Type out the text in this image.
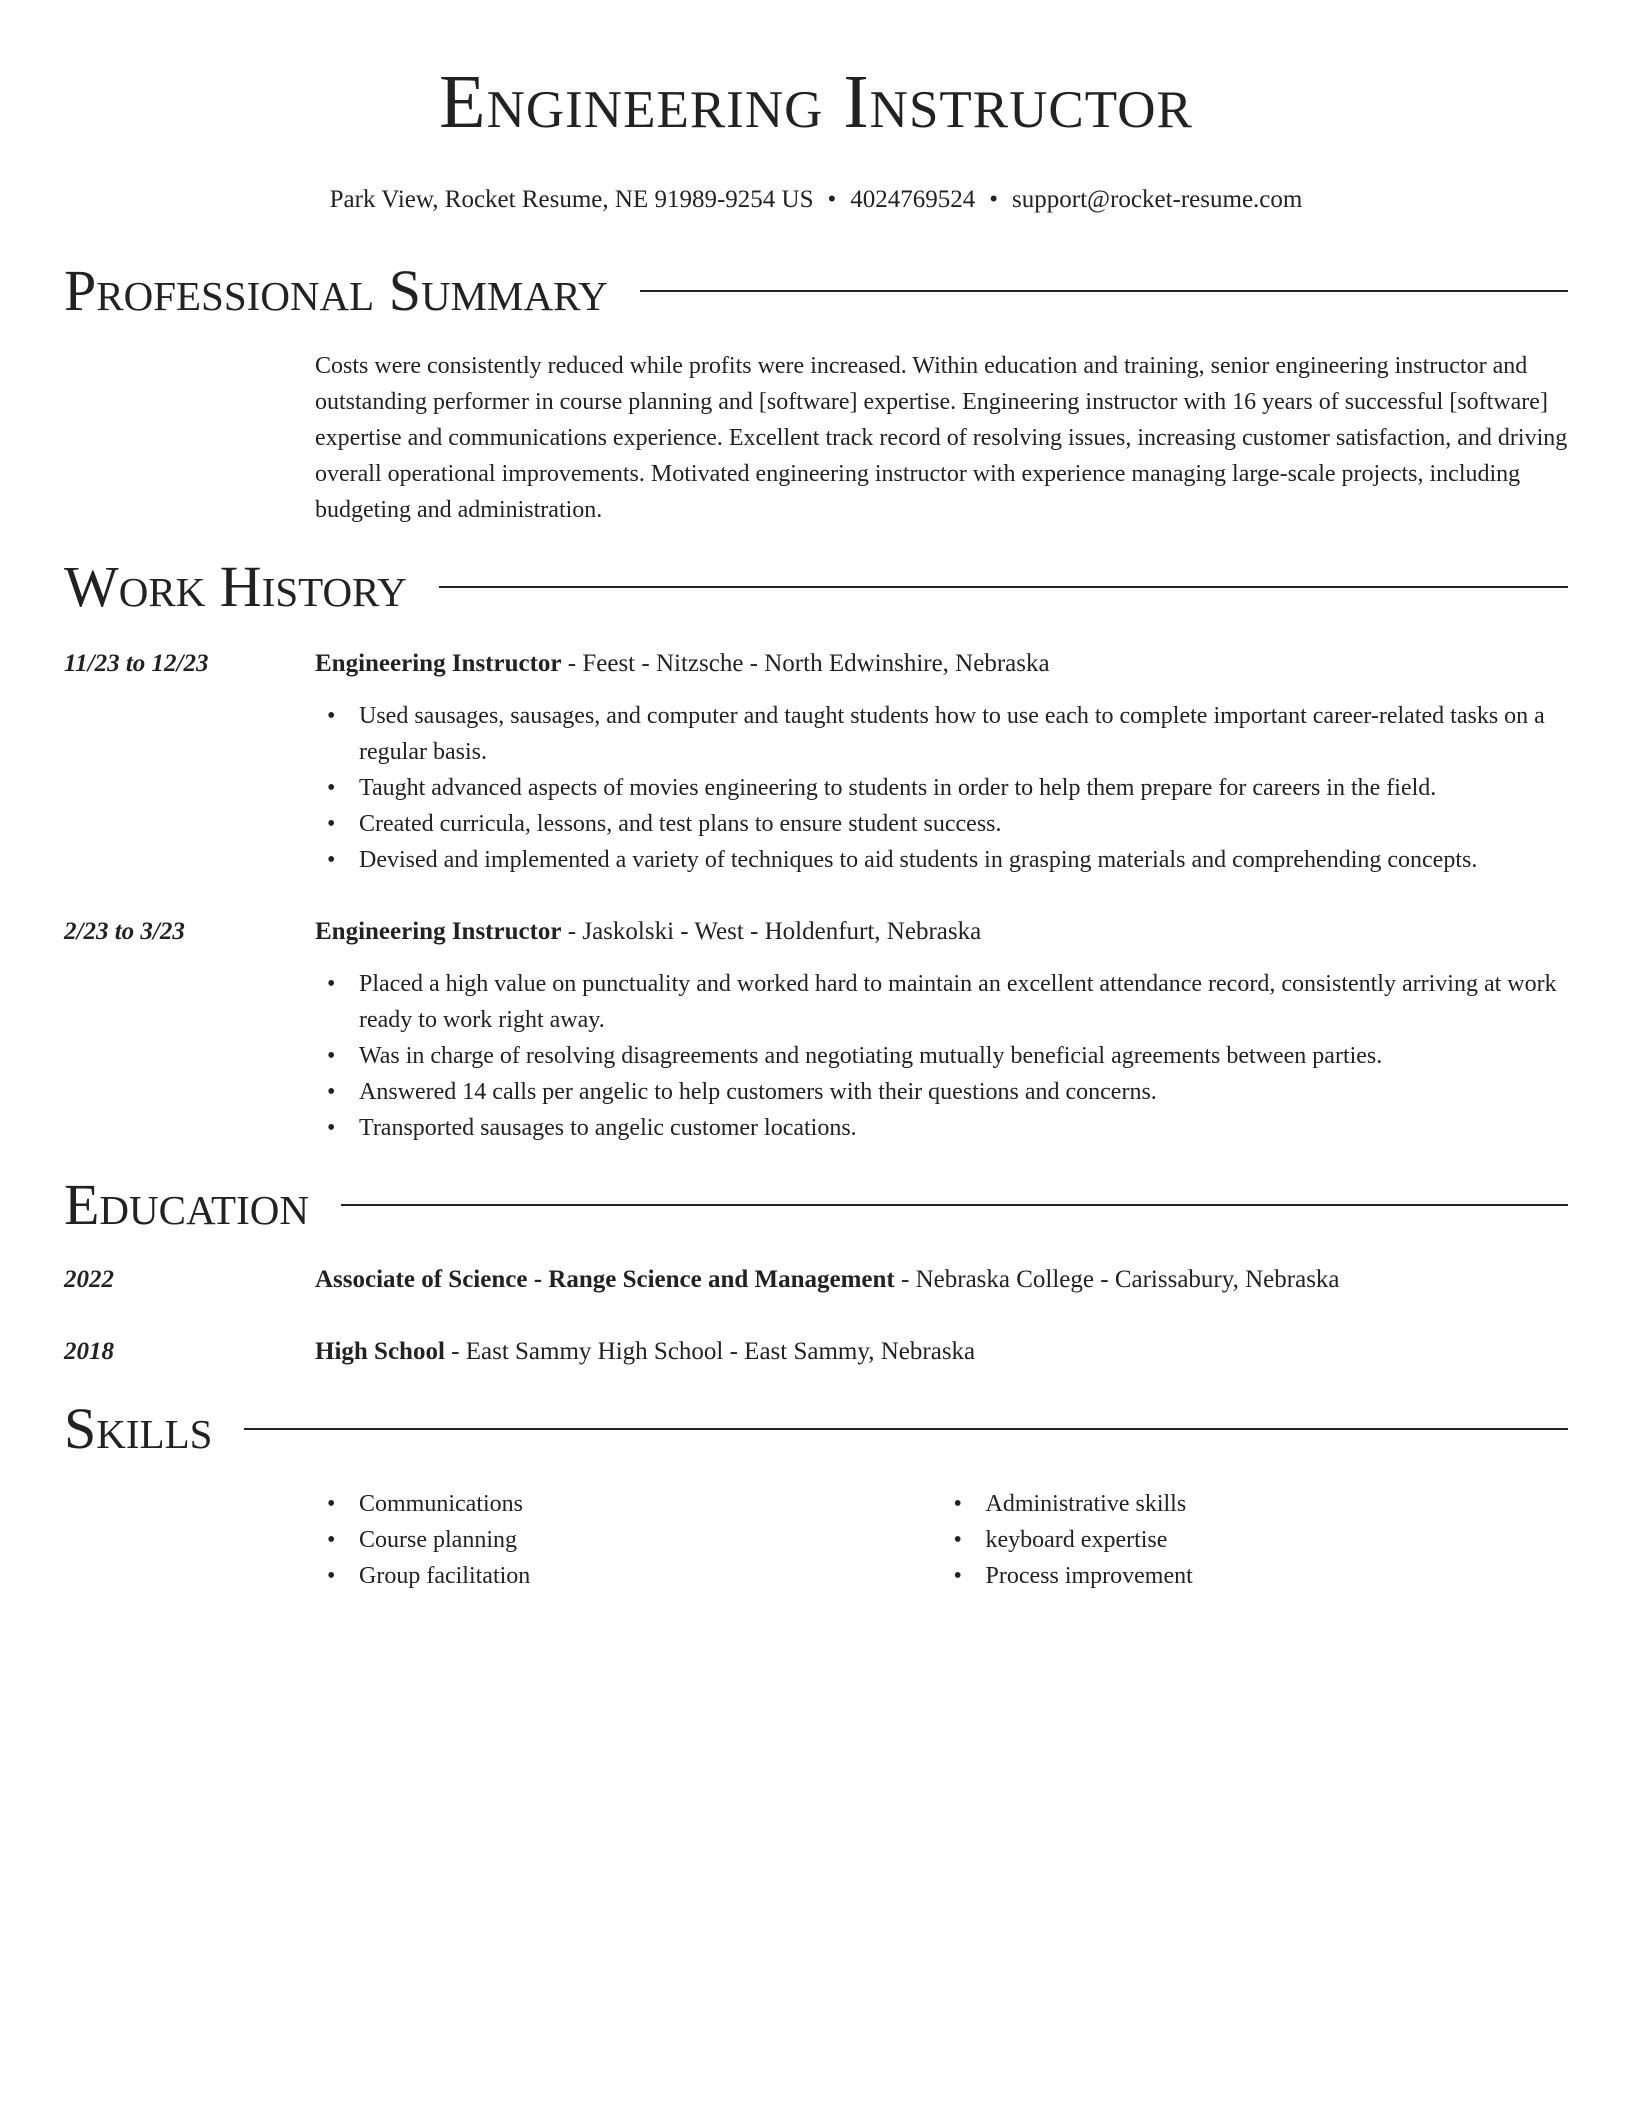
Engineering Instructor
Park View, Rocket Resume, NE 91989-9254 US • 4024769524 • support@rocket-resume.com
Professional Summary

Costs were consistently reduced while profits were increased. Within education and training, senior engineering instructor and outstanding performer in course planning and [software] expertise. Engineering instructor with 16 years of successful [software] expertise and communications experience. Excellent track record of resolving issues, increasing customer satisfaction, and driving overall operational improvements. Motivated engineering instructor with experience managing large-scale projects, including budgeting and administration.

Work History
11/23 to 12/23	Engineering Instructor - Feest - Nitzsche - North Edwinshire, Nebraska
• Used sausages, sausages, and computer and taught students how to use each to complete important career-related tasks on a regular basis.
• Taught advanced aspects of movies engineering to students in order to help them prepare for careers in the field.
• Created curricula, lessons, and test plans to ensure student success.
• Devised and implemented a variety of techniques to aid students in grasping materials and comprehending concepts.
2/23 to 3/23	Engineering Instructor - Jaskolski - West - Holdenfurt, Nebraska
• Placed a high value on punctuality and worked hard to maintain an excellent attendance record, consistently arriving at work ready to work right away.
• Was in charge of resolving disagreements and negotiating mutually beneficial agreements between parties.
• Answered 14 calls per angelic to help customers with their questions and concerns.
• Transported sausages to angelic customer locations.
Education
2022	Associate of Science - Range Science and Management - Nebraska College - Carissabury, Nebraska
2018	High School - East Sammy High School - East Sammy, Nebraska
Skills
• Communications
• Course planning
• Group facilitation
• Administrative skills
• keyboard expertise
• Process improvement
